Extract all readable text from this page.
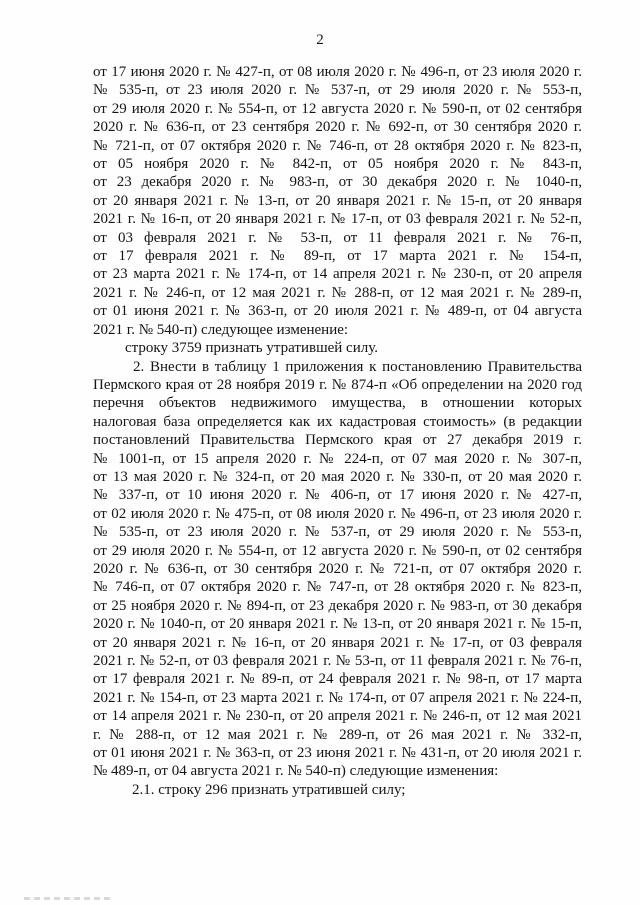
2
от 17 июня 2020 г. № 427-п, от 08 июля 2020 г. № 496-п, от 23 июля 2020 г.
№ 535-п, от 23 июля 2020 г. № 537-п, от 29 июля 2020 г. № 553-п,
от 29 июля 2020 г. № 554-п, от 12 августа 2020 г. № 590-п, от 02 сентября
2020 г. № 636-п, от 23 сентября 2020 г. № 692-п, от 30 сентября 2020 г.
№ 721-п, от 07 октября 2020 г. № 746-п, от 28 октября 2020 г. № 823-п,
от 05 ноября 2020 г. № 842-п, от 05 ноября 2020 г. № 843-п,
от 23 декабря 2020 г. № 983-п, от 30 декабря 2020 г. № 1040-п,
от 20 января 2021 г. № 13-п, от 20 января 2021 г. № 15-п, от 20 января
2021 г. № 16-п, от 20 января 2021 г. № 17-п, от 03 февраля 2021 г. № 52-п,
от 03 февраля 2021 г. № 53-п, от 11 февраля 2021 г. № 76-п,
от 17 февраля 2021 г. № 89-п, от 17 марта 2021 г. № 154-п,
от 23 марта 2021 г. № 174-п, от 14 апреля 2021 г. № 230-п, от 20 апреля
2021 г. № 246-п, от 12 мая 2021 г. № 288-п, от 12 мая 2021 г. № 289-п,
от 01 июня 2021 г. № 363-п, от 20 июля 2021 г. № 489-п, от 04 августа
2021 г. № 540-п) следующее изменение:
строку 3759 признать утратившей силу.
2. Внести в таблицу 1 приложения к постановлению Правительства
Пермского края от 28 ноября 2019 г. № 874-п «Об определении на 2020 год
перечня объектов недвижимого имущества, в отношении которых
налоговая база определяется как их кадастровая стоимость» (в редакции
постановлений Правительства Пермского края от 27 декабря 2019 г.
№ 1001-п, от 15 апреля 2020 г. № 224-п, от 07 мая 2020 г. № 307-п,
от 13 мая 2020 г. № 324-п, от 20 мая 2020 г. № 330-п, от 20 мая 2020 г.
№ 337-п, от 10 июня 2020 г. № 406-п, от 17 июня 2020 г. № 427-п,
от 02 июля 2020 г. № 475-п, от 08 июля 2020 г. № 496-п, от 23 июля 2020 г.
№ 535-п, от 23 июля 2020 г. № 537-п, от 29 июля 2020 г. № 553-п,
от 29 июля 2020 г. № 554-п, от 12 августа 2020 г. № 590-п, от 02 сентября
2020 г. № 636-п, от 30 сентября 2020 г. № 721-п, от 07 октября 2020 г.
№ 746-п, от 07 октября 2020 г. № 747-п, от 28 октября 2020 г. № 823-п,
от 25 ноября 2020 г. № 894-п, от 23 декабря 2020 г. № 983-п, от 30 декабря
2020 г. № 1040-п, от 20 января 2021 г. № 13-п, от 20 января 2021 г. № 15-п,
от 20 января 2021 г. № 16-п, от 20 января 2021 г. № 17-п, от 03 февраля
2021 г. № 52-п, от 03 февраля 2021 г. № 53-п, от 11 февраля 2021 г. № 76-п,
от 17 февраля 2021 г. № 89-п, от 24 февраля 2021 г. № 98-п, от 17 марта
2021 г. № 154-п, от 23 марта 2021 г. № 174-п, от 07 апреля 2021 г. № 224-п,
от 14 апреля 2021 г. № 230-п, от 20 апреля 2021 г. № 246-п, от 12 мая 2021
г. № 288-п, от 12 мая 2021 г. № 289-п, от 26 мая 2021 г. № 332-п,
от 01 июня 2021 г. № 363-п, от 23 июня 2021 г. № 431-п, от 20 июля 2021 г.
№ 489-п, от 04 августа 2021 г. № 540-п) следующие изменения:
2.1. строку 296 признать утратившей силу;
